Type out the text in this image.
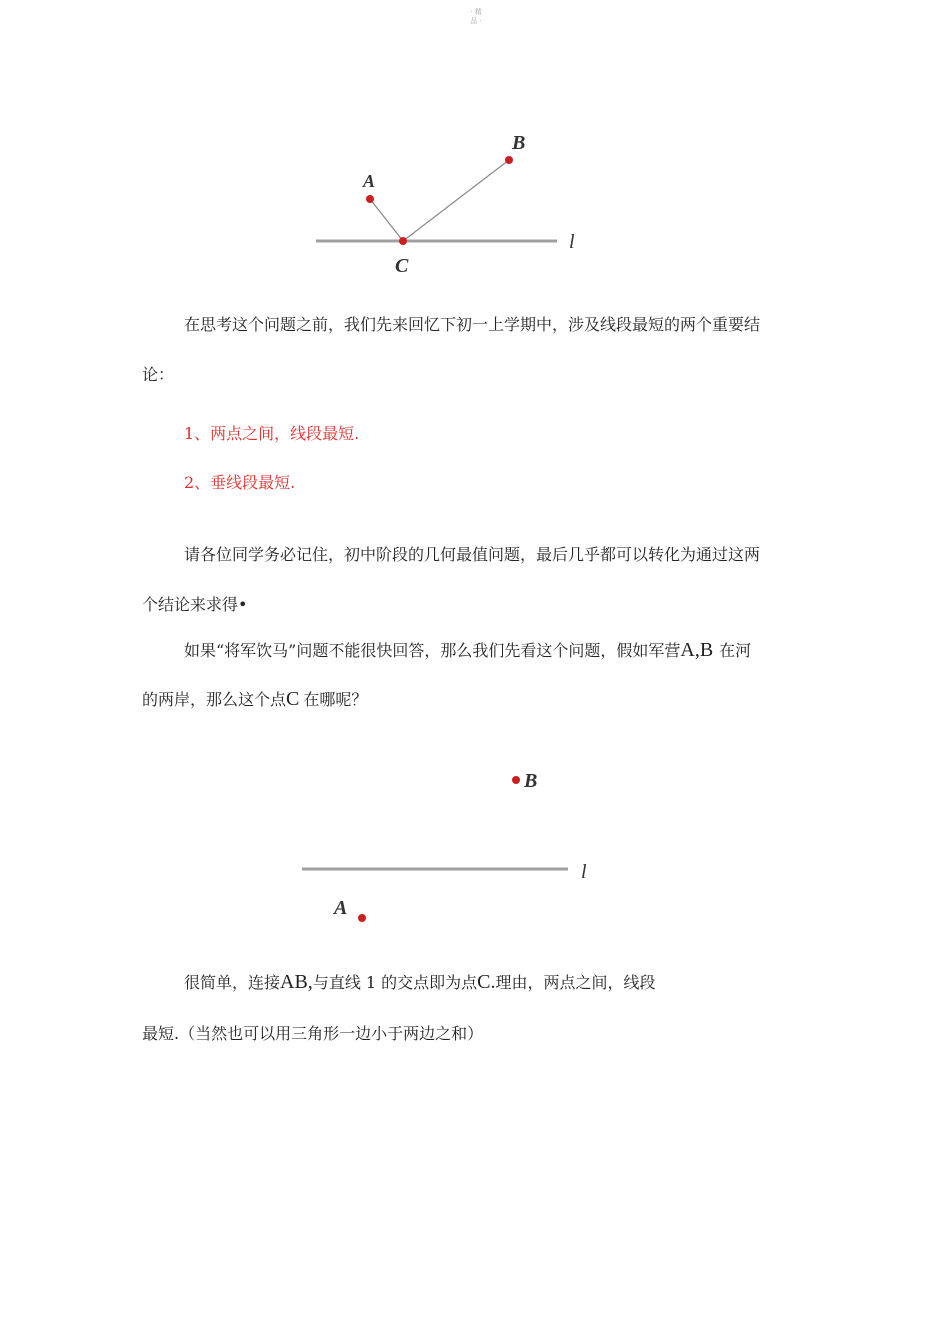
· 精
品 ·
A
B
C
l
在思考这个问题之前，我们先来回忆下初一上学期中，涉及线段最短的两个重要结
论：
1、两点之间，线段最短.
2、垂线段最短.
请各位同学务必记住，初中阶段的几何最值问题，最后几乎都可以转化为通过这两
个结论来求得•
如果“将军饮马”问题不能很快回答，那么我们先看这个问题，假如军营A,B 在河
的两岸，那么这个点C 在哪呢？
B
A
l
很简单，连接AB,与直线 1 的交点即为点C.理由，两点之间，线段
最短.（当然也可以用三角形一边小于两边之和）
